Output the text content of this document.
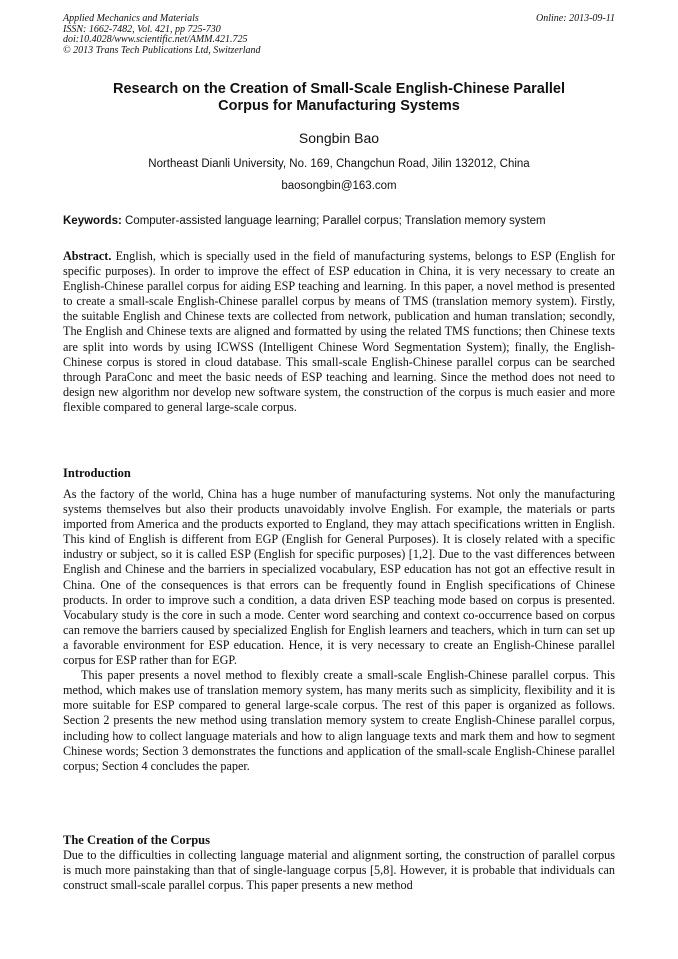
Applied Mechanics and Materials
ISSN: 1662-7482, Vol. 421, pp 725-730
doi:10.4028/www.scientific.net/AMM.421.725
© 2013 Trans Tech Publications Ltd, Switzerland
Online: 2013-09-11
Research on the Creation of Small-Scale English-Chinese Parallel
Corpus for Manufacturing Systems
Songbin Bao
Northeast Dianli University, No. 169, Changchun Road, Jilin 132012, China
baosongbin@163.com
Keywords: Computer-assisted language learning; Parallel corpus; Translation memory system
Abstract. English, which is specially used in the field of manufacturing systems, belongs to ESP (English for specific purposes). In order to improve the effect of ESP education in China, it is very necessary to create an English-Chinese parallel corpus for aiding ESP teaching and learning. In this paper, a novel method is presented to create a small-scale English-Chinese parallel corpus by means of TMS (translation memory system). Firstly, the suitable English and Chinese texts are collected from network, publication and human translation; secondly, The English and Chinese texts are aligned and formatted by using the related TMS functions; then Chinese texts are split into words by using ICWSS (Intelligent Chinese Word Segmentation System); finally, the English-Chinese corpus is stored in cloud database. This small-scale English-Chinese parallel corpus can be searched through ParaConc and meet the basic needs of ESP teaching and learning. Since the method does not need to design new algorithm nor develop new software system, the construction of the corpus is much easier and more flexible compared to general large-scale corpus.
Introduction
As the factory of the world, China has a huge number of manufacturing systems. Not only the manufacturing systems themselves but also their products unavoidably involve English. For example, the materials or parts imported from America and the products exported to England, they may attach specifications written in English. This kind of English is different from EGP (English for General Purposes). It is closely related with a specific industry or subject, so it is called ESP (English for specific purposes) [1,2]. Due to the vast differences between English and Chinese and the barriers in specialized vocabulary, ESP education has not got an effective result in China. One of the consequences is that errors can be frequently found in English specifications of Chinese products. In order to improve such a condition, a data driven ESP teaching mode based on corpus is presented. Vocabulary study is the core in such a mode. Center word searching and context co-occurrence based on corpus can remove the barriers caused by specialized English for English learners and teachers, which in turn can set up a favorable environment for ESP education. Hence, it is very necessary to create an English-Chinese parallel corpus for ESP rather than for EGP.
This paper presents a novel method to flexibly create a small-scale English-Chinese parallel corpus. This method, which makes use of translation memory system, has many merits such as simplicity, flexibility and it is more suitable for ESP compared to general large-scale corpus. The rest of this paper is organized as follows. Section 2 presents the new method using translation memory system to create English-Chinese parallel corpus, including how to collect language materials and how to align language texts and mark them and how to segment Chinese words; Section 3 demonstrates the functions and application of the small-scale English-Chinese parallel corpus; Section 4 concludes the paper.
The Creation of the Corpus
Due to the difficulties in collecting language material and alignment sorting, the construction of parallel corpus is much more painstaking than that of single-language corpus [5,8]. However, it is probable that individuals can construct small-scale parallel corpus. This paper presents a new method
